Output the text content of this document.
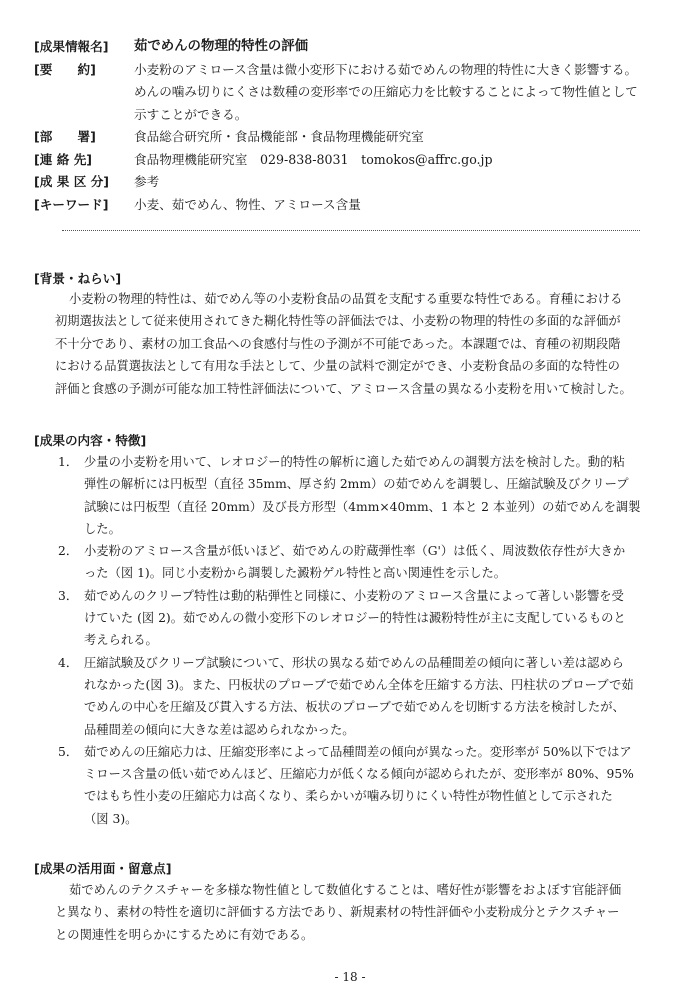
[成果情報名]	茹でめんの物理的特性の評価
[要　　約]	小麦粉のアミロース含量は微小変形下における茹でめんの物理的特性に大きく影響する。
めんの噛み切りにくさは数種の変形率での圧縮応力を比較することによって物性値として
示すことができる。
[部　　署]	食品総合研究所・食品機能部・食品物理機能研究室
[連 絡 先]	食品物理機能研究室　029-838-8031　tomokos@affrc.go.jp
[成 果 区 分]	参考
[キーワード]	小麦、茹でめん、物性、アミロース含量
[背景・ねらい]
小麦粉の物理的特性は、茹でめん等の小麦粉食品の品質を支配する重要な特性である。育種における
初期選抜法として従来使用されてきた糊化特性等の評価法では、小麦粉の物理的特性の多面的な評価が
不十分であり、素材の加工食品への食感付与性の予測が不可能であった。本課題では、育種の初期段階
における品質選抜法として有用な手法として、少量の試料で測定ができ、小麦粉食品の多面的な特性の
評価と食感の予測が可能な加工特性評価法について、アミロース含量の異なる小麦粉を用いて検討した。
[成果の内容・特徴]
1． 少量の小麦粉を用いて、レオロジー的特性の解析に適した茹でめんの調製方法を検討した。動的粘
弾性の解析には円板型（直径 35mm、厚さ約 2mm）の茹でめんを調製し、圧縮試験及びクリープ
試験には円板型（直径 20mm）及び長方形型（4mm×40mm、1 本と 2 本並列）の茹でめんを調製
した。
2． 小麦粉のアミロース含量が低いほど、茹でめんの貯蔵弾性率（G'）は低く、周波数依存性が大きか
った（図 1)。同じ小麦粉から調製した澱粉ゲル特性と高い関連性を示した。
3． 茹でめんのクリープ特性は動的粘弾性と同様に、小麦粉のアミロース含量によって著しい影響を受
けていた (図 2)。茹でめんの微小変形下のレオロジー的特性は澱粉特性が主に支配しているものと
考えられる。
4． 圧縮試験及びクリープ試験について、形状の異なる茹でめんの品種間差の傾向に著しい差は認めら
れなかった(図 3)。また、円板状のプローブで茹でめん全体を圧縮する方法、円柱状のプローブで茹
でめんの中心を圧縮及び貫入する方法、板状のプローブで茹でめんを切断する方法を検討したが、
品種間差の傾向に大きな差は認められなかった。
5． 茹でめんの圧縮応力は、圧縮変形率によって品種間差の傾向が異なった。変形率が 50%以下ではア
ミロース含量の低い茹でめんほど、圧縮応力が低くなる傾向が認められたが、変形率が 80%、95%
ではもち性小麦の圧縮応力は高くなり、柔らかいが噛み切りにくい特性が物性値として示された
（図 3)。
[成果の活用面・留意点]
茹でめんのテクスチャーを多様な物性値として数値化することは、嗜好性が影響をおよぼす官能評価
と異なり、素材の特性を適切に評価する方法であり、新規素材の特性評価や小麦粉成分とテクスチャー
との関連性を明らかにするために有効である。
- 18 -
